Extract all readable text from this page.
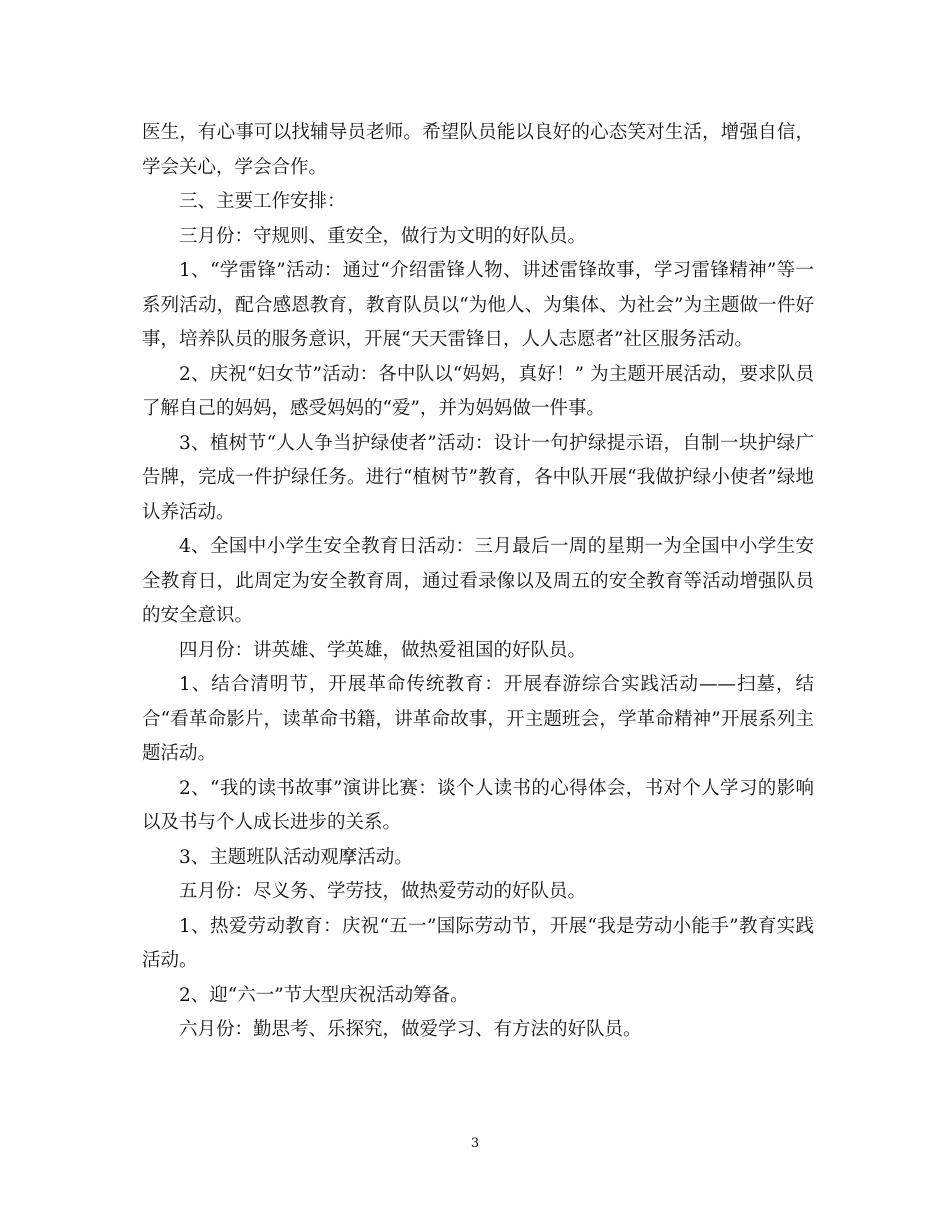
医生，有心事可以找辅导员老师。希望队员能以良好的心态笑对生活，增强自信，学会关心，学会合作。

三、主要工作安排：

三月份：守规则、重安全，做行为文明的好队员。

1、“学雷锋”活动：通过“介绍雷锋人物、讲述雷锋故事，学习雷锋精神”等一系列活动，配合感恩教育，教育队员以“为他人、为集体、为社会”为主题做一件好事，培养队员的服务意识，开展“天天雷锋日，人人志愿者”社区服务活动。

2、庆祝“妇女节”活动：各中队以“妈妈，真好！” 为主题开展活动，要求队员了解自己的妈妈，感受妈妈的“爱”，并为妈妈做一件事。

3、植树节“人人争当护绿使者”活动：设计一句护绿提示语，自制一块护绿广告牌，完成一件护绿任务。进行“植树节”教育，各中队开展“我做护绿小使者”绿地认养活动。

4、全国中小学生安全教育日活动：三月最后一周的星期一为全国中小学生安全教育日，此周定为安全教育周，通过看录像以及周五的安全教育等活动增强队员的安全意识。

四月份：讲英雄、学英雄，做热爱祖国的好队员。

1、结合清明节，开展革命传统教育：开展春游综合实践活动——扫墓，结合“看革命影片，读革命书籍，讲革命故事，开主题班会，学革命精神”开展系列主题活动。

2、“我的读书故事”演讲比赛：谈个人读书的心得体会，书对个人学习的影响以及书与个人成长进步的关系。

3、主题班队活动观摩活动。

五月份：尽义务、学劳技，做热爱劳动的好队员。

1、热爱劳动教育：庆祝“五一”国际劳动节，开展“我是劳动小能手”教育实践活动。

2、迎“六一”节大型庆祝活动筹备。

六月份：勤思考、乐探究，做爱学习、有方法的好队员。

3
